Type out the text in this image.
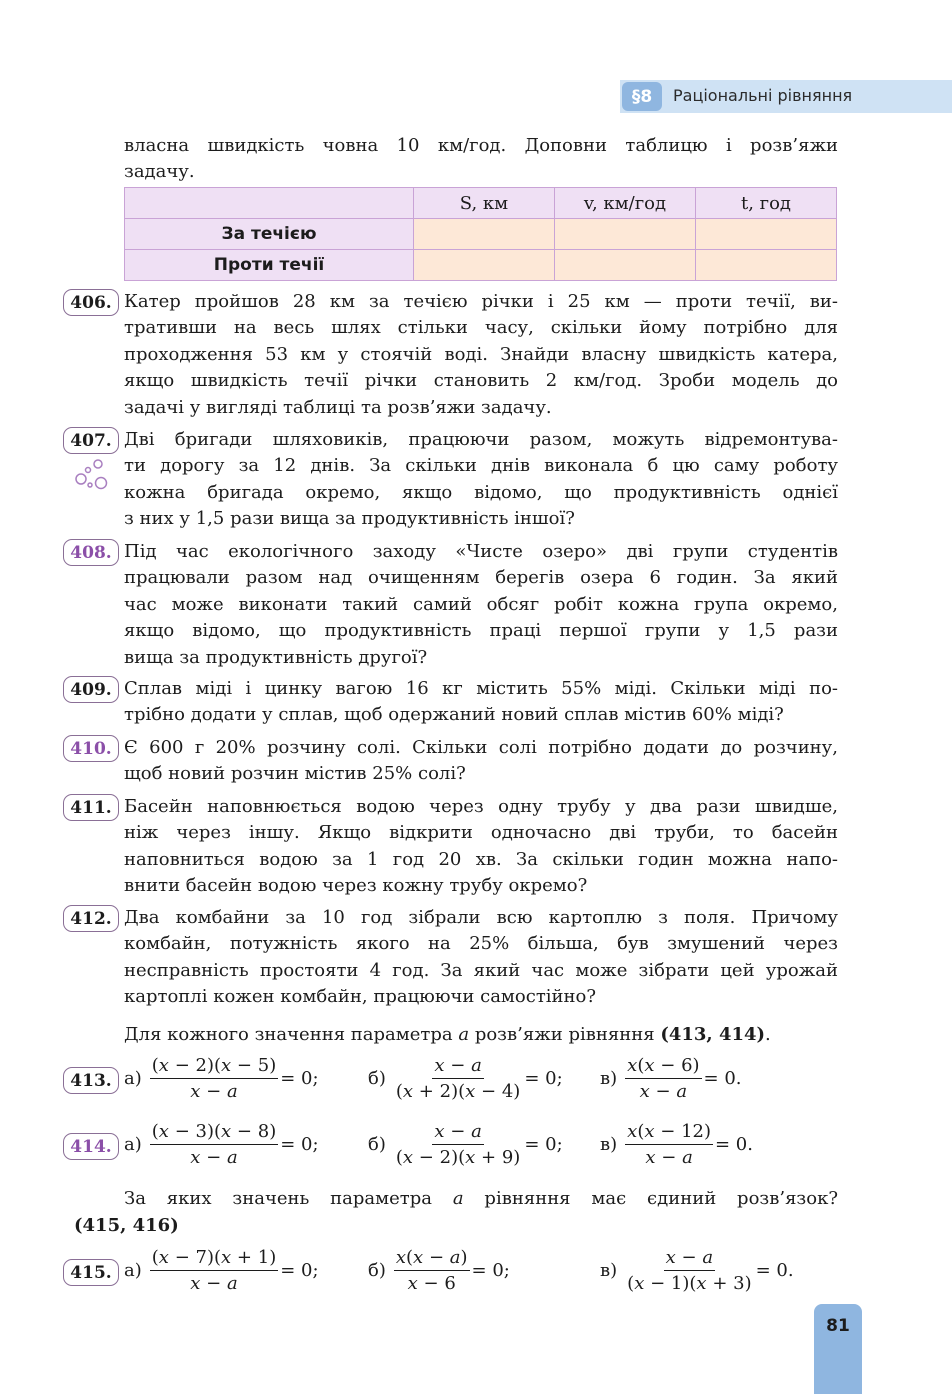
§8	Раціональні рівняння
власна швидкість човна 10 км/год. Доповни таблицю і розв’яжи
задачу.
	S, км	v, км/год	t, год
За течією			
Проти течії			
406. Катер пройшов 28 км за течією річки і 25 км — проти течії, ви-
тративши на весь шлях стільки часу, скільки йому потрібно для
проходження 53 км у стоячій воді. Знайди власну швидкість катера,
якщо швидкість течії річки становить 2 км/год. Зроби модель до
задачі у вигляді таблиці та розв’яжи задачу.
407. Дві бригади шляховиків, працюючи разом, можуть відремонтува-
ти дорогу за 12 днів. За скільки днів виконала б цю саму роботу
кожна бригада окремо, якщо відомо, що продуктивність однієї
з них у 1,5 рази вища за продуктивність іншої?
408. Під час екологічного заходу «Чисте озеро» дві групи студентів
працювали разом над очищенням берегів озера 6 годин. За який
час може виконати такий самий обсяг робіт кожна група окремо,
якщо відомо, що продуктивність праці першої групи у 1,5 рази
вища за продуктивність другої?
409. Сплав міді і цинку вагою 16 кг містить 55% міді. Скільки міді по-
трібно додати у сплав, щоб одержаний новий сплав містив 60% міді?
410. Є 600 г 20% розчину солі. Скільки солі потрібно додати до розчину,
щоб новий розчин містив 25% солі?
411. Басейн наповнюється водою через одну трубу у два рази швидше,
ніж через іншу. Якщо відкрити одночасно дві труби, то басейн
наповниться водою за 1 год 20 хв. За скільки годин можна напо-
внити басейн водою через кожну трубу окремо?
412. Два комбайни за 10 год зібрали всю картоплю з поля. Причому
комбайн, потужність якого на 25% більша, був змушений через
несправність простояти 4 год. За який час може зібрати цей урожай
картоплі кожен комбайн, працюючи самостійно?
Для кожного значення параметра a розв’яжи рівняння (413, 414).
413. $а) \frac{(x - 2)(x - 5)}{x - a} = 0$;	$б) \frac{x - a}{(x + 2)(x - 4)} = 0$; $в) \frac{x(x - 6)}{x - a} = 0$.
414. $а) \frac{(x - 3)(x - 8)}{x - a} = 0$;	$б) \frac{x - a}{(x - 2)(x + 9)} = 0$; $в) \frac{x(x - 12)}{x - a} = 0$.
За яких значень параметра a рівняння має єдиний розв’язок?
(415, 416)
415. $а) \frac{(x - 7)(x + 1)}{x - a} = 0$;	$б) \frac{x(x - a)}{x - 6} = 0$;	$в) \frac{x - a}{(x - 1)(x + 3)} = 0$.
81
